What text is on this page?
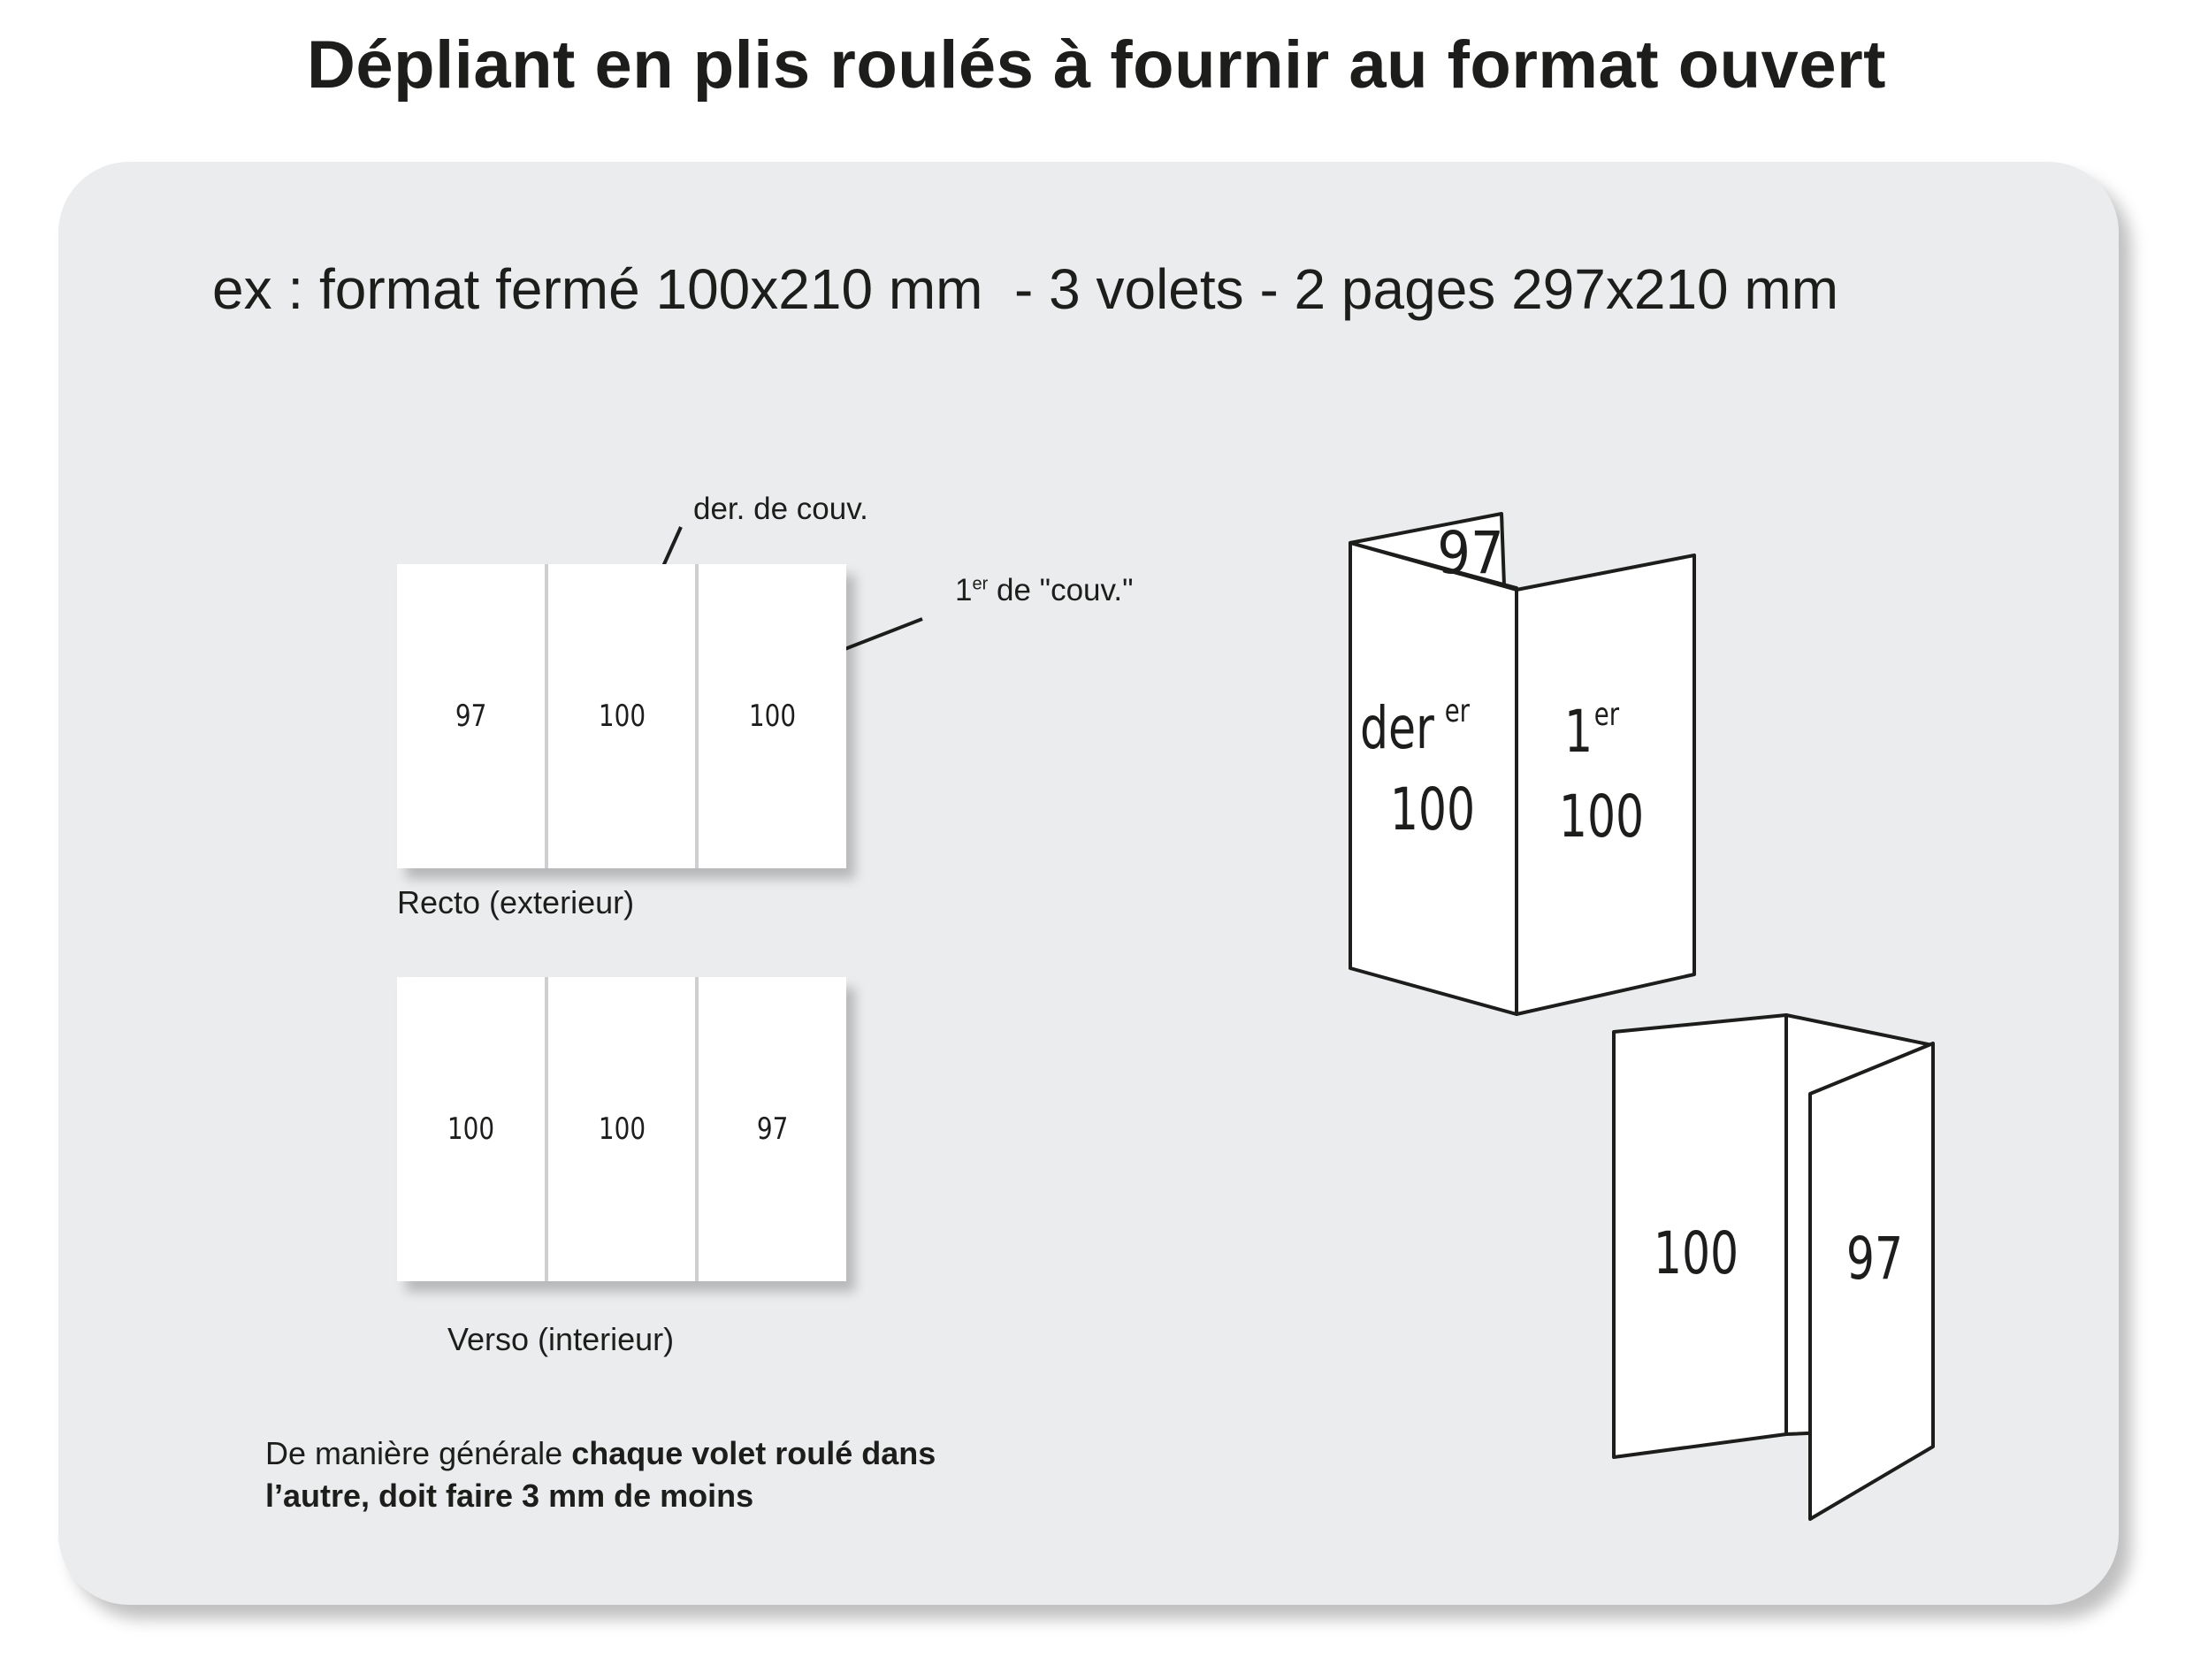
Dépliant en plis roulés à fournir au format ouvert
ex : format fermé 100x210 mm  - 3 volets - 2 pages 297x210 mm
der. de couv.
1er de "couv."
97	100	100
Recto (exterieur)
100	100	97
Verso (interieur)
97
der $^{er}$
100
1er
100
100 97
De manière générale chaque volet roulé dans
l’autre, doit faire 3 mm de moins
